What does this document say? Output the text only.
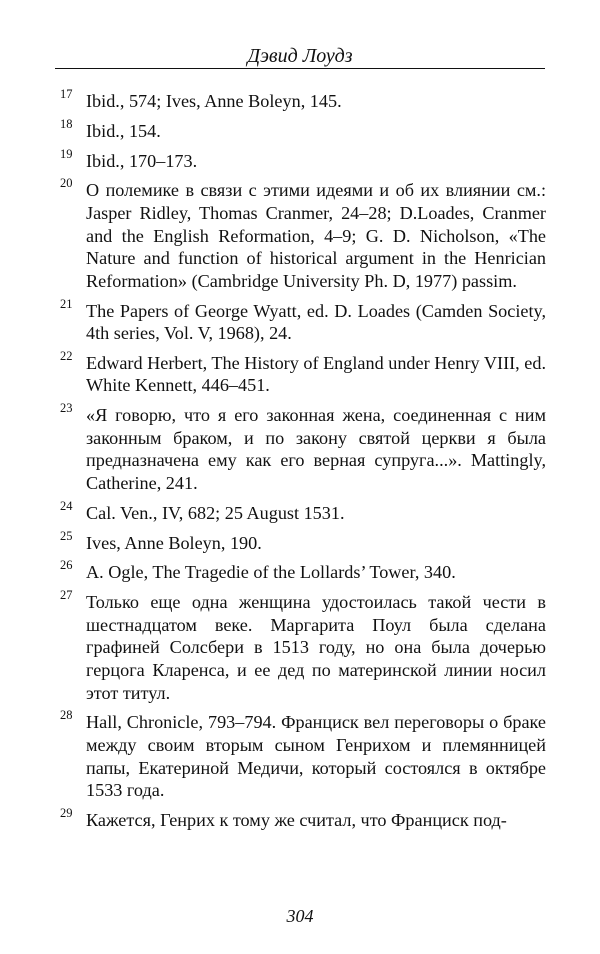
Дэвид Лоудз
17 Ibid., 574; Ives, Anne Boleyn, 145.
18 Ibid., 154.
19 Ibid., 170–173.
20 О полемике в связи с этими идеями и об их влиянии см.: Jasper Ridley, Thomas Cranmer, 24–28; D.Loades, Cranmer and the English Reformation, 4–9; G. D. Nicholson, «The Nature and function of historical argument in the Henrician Reformation» (Cambridge University Ph. D, 1977) passim.
21 The Papers of George Wyatt, ed. D. Loades (Camden Society, 4th series, Vol. V, 1968), 24.
22 Edward Herbert, The History of England under Henry VIII, ed. White Kennett, 446–451.
23 «Я говорю, что я его законная жена, соединенная с ним законным браком, и по закону святой церкви я была предназначена ему как его верная супруга...». Mattingly, Catherine, 241.
24 Cal. Ven., IV, 682; 25 August 1531.
25 Ives, Anne Boleyn, 190.
26 A. Ogle, The Tragedie of the Lollards’ Tower, 340.
27 Только еще одна женщина удостоилась такой чести в шестнадцатом веке. Маргарита Поул была сделана графиней Солсбери в 1513 году, но она была дочерью герцога Кларенса, и ее дед по материнской линии носил этот титул.
28 Hall, Chronicle, 793–794. Франциск вел переговоры о браке между своим вторым сыном Генрихом и племянницей папы, Екатериной Медичи, который состоялся в октябре 1533 года.
29 Кажется, Генрих к тому же считал, что Франциск под-
304
